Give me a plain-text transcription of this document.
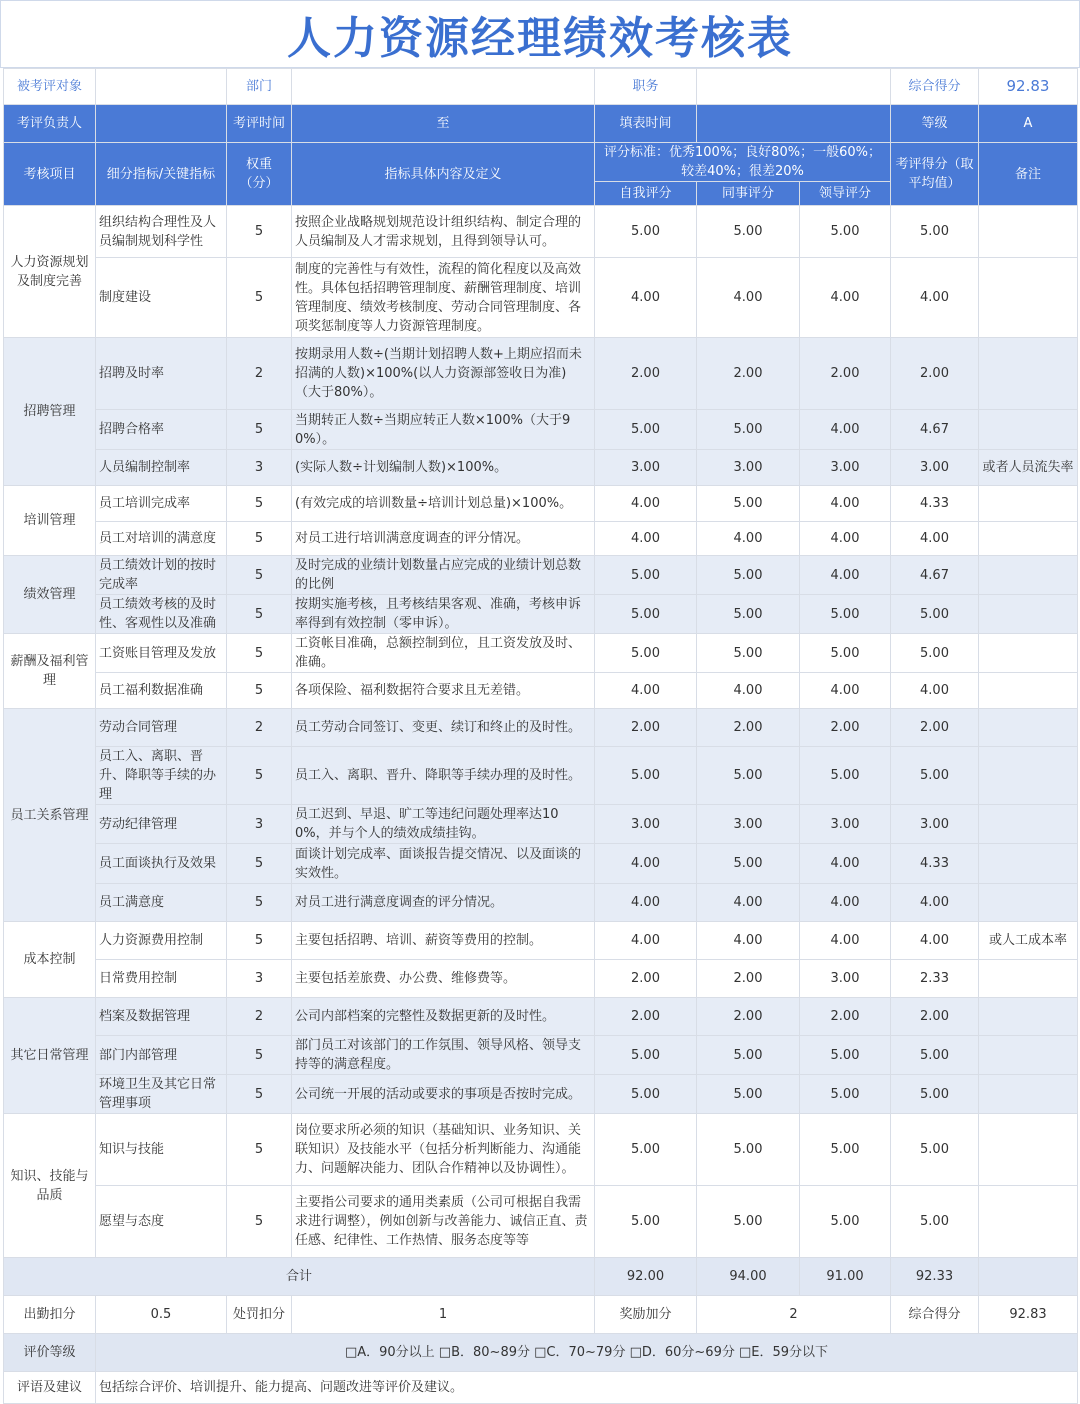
人力资源经理绩效考核表
被考评对象		部门		职务			综合得分	92.83
考评负责人		考评时间	至	填表时间			等级	A
考核项目	细分指标/关键指标	权重（分）	指标具体内容及定义	评分标准：优秀100%；良好80%；一般60%；较差40%；很差20%			考评得分（取平均值）	备注
				自我评分	同事评分	领导评分		
人力资源规划及制度完善	组织结构合理性及人员编制规划科学性	5	按照企业战略规划规范设计组织结构、制定合理的人员编制及人才需求规划，且得到领导认可。	5.00	5.00	5.00	5.00	
	制度建设	5	制度的完善性与有效性，流程的简化程度以及高效性。具体包括招聘管理制度、薪酬管理制度、培训管理制度、绩效考核制度、劳动合同管理制度、各项奖惩制度等人力资源管理制度。	4.00	4.00	4.00	4.00	
招聘管理	招聘及时率	2	按期录用人数÷(当期计划招聘人数+上期应招而未招满的人数)×100%(以人力资源部签收日为准)（大于80%）。	2.00	2.00	2.00	2.00	
	招聘合格率	5	当期转正人数÷当期应转正人数×100%（大于90%）。	5.00	5.00	4.00	4.67	
	人员编制控制率	3	(实际人数÷计划编制人数)×100%。	3.00	3.00	3.00	3.00	或者人员流失率
培训管理	员工培训完成率	5	(有效完成的培训数量÷培训计划总量)×100%。	4.00	5.00	4.00	4.33	
	员工对培训的满意度	5	对员工进行培训满意度调查的评分情况。	4.00	4.00	4.00	4.00	
绩效管理	员工绩效计划的按时完成率	5	及时完成的业绩计划数量占应完成的业绩计划总数的比例	5.00	5.00	4.00	4.67	
	员工绩效考核的及时性、客观性以及准确	5	按期实施考核，且考核结果客观、准确，考核申诉率得到有效控制（零申诉）。	5.00	5.00	5.00	5.00	
薪酬及福利管理	工资账目管理及发放	5	工资帐目准确，总额控制到位，且工资发放及时、准确。	5.00	5.00	5.00	5.00	
	员工福利数据准确	5	各项保险、福利数据符合要求且无差错。	4.00	4.00	4.00	4.00	
员工关系管理	劳动合同管理	2	员工劳动合同签订、变更、续订和终止的及时性。	2.00	2.00	2.00	2.00	
	员工入、离职、晋升、降职等手续的办理	5	员工入、离职、晋升、降职等手续办理的及时性。	5.00	5.00	5.00	5.00	
	劳动纪律管理	3	员工迟到、早退、旷工等违纪问题处理率达100%，并与个人的绩效成绩挂钩。	3.00	3.00	3.00	3.00	
	员工面谈执行及效果	5	面谈计划完成率、面谈报告提交情况、以及面谈的实效性。	4.00	5.00	4.00	4.33	
	员工满意度	5	对员工进行满意度调查的评分情况。	4.00	4.00	4.00	4.00	
成本控制	人力资源费用控制	5	主要包括招聘、培训、薪资等费用的控制。	4.00	4.00	4.00	4.00	或人工成本率
	日常费用控制	3	主要包括差旅费、办公费、维修费等。	2.00	2.00	3.00	2.33	
其它日常管理	档案及数据管理	2	公司内部档案的完整性及数据更新的及时性。	2.00	2.00	2.00	2.00	
	部门内部管理	5	部门员工对该部门的工作氛围、领导风格、领导支持等的满意程度。	5.00	5.00	5.00	5.00	
	环境卫生及其它日常管理事项	5	公司统一开展的活动或要求的事项是否按时完成。	5.00	5.00	5.00	5.00	
知识、技能与品质	知识与技能	5	岗位要求所必须的知识（基础知识、业务知识、关联知识）及技能水平（包括分析判断能力、沟通能力、问题解决能力、团队合作精神以及协调性）。	5.00	5.00	5.00	5.00	
	愿望与态度	5	主要指公司要求的通用类素质（公司可根据自我需求进行调整），例如创新与改善能力、诚信正直、责任感、纪律性、工作热情、服务态度等等	5.00	5.00	5.00	5.00	
合计				92.00	94.00	91.00	92.33	
出勤扣分	0.5	处罚扣分	1	奖励加分	2		综合得分	92.83
评价等级	□A．90分以上 □B．80~89分 □C．70~79分 □D．60分~69分 □E．59分以下							
评语及建议	包括综合评价、培训提升、能力提高、问题改进等评价及建议。							
